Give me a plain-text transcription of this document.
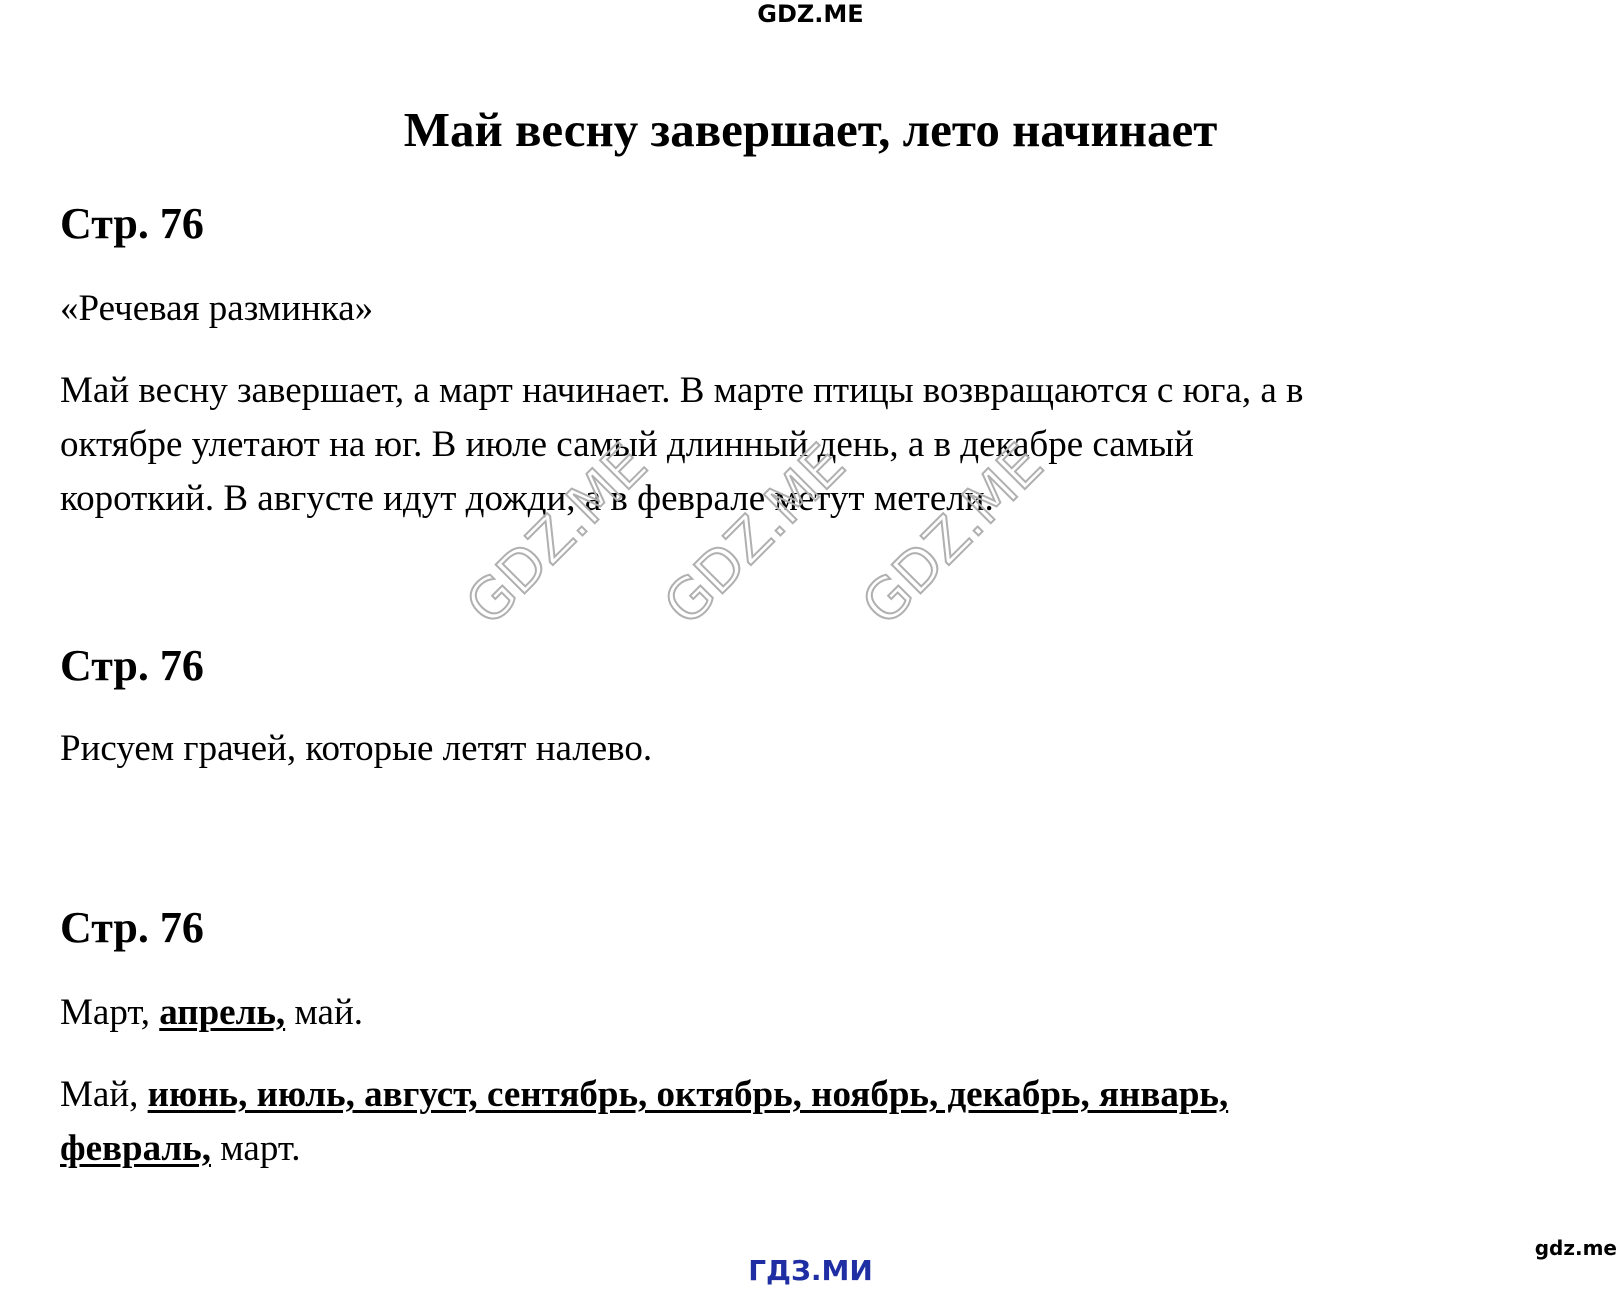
GDZ.ME
Май весну завершает, лето начинает
Стр. 76

«Речевая разминка»

Май весну завершает, а март начинает. В марте птицы возвращаются с юга, а в
октябре улетают на юг. В июле самый длинный день, а в декабре самый
короткий. В августе идут дожди, а в феврале метут метели.
Стр. 76

Рисуем грачей, которые летят налево.

Стр. 76

Март, апрель, май.

Май, июнь, июль, август, сентябрь, октябрь, ноябрь, декабрь, январь,
февраль, март.
GDZ.ME
GDZ.ME
GDZ.ME
ГДЗ.МИ
gdz.me
